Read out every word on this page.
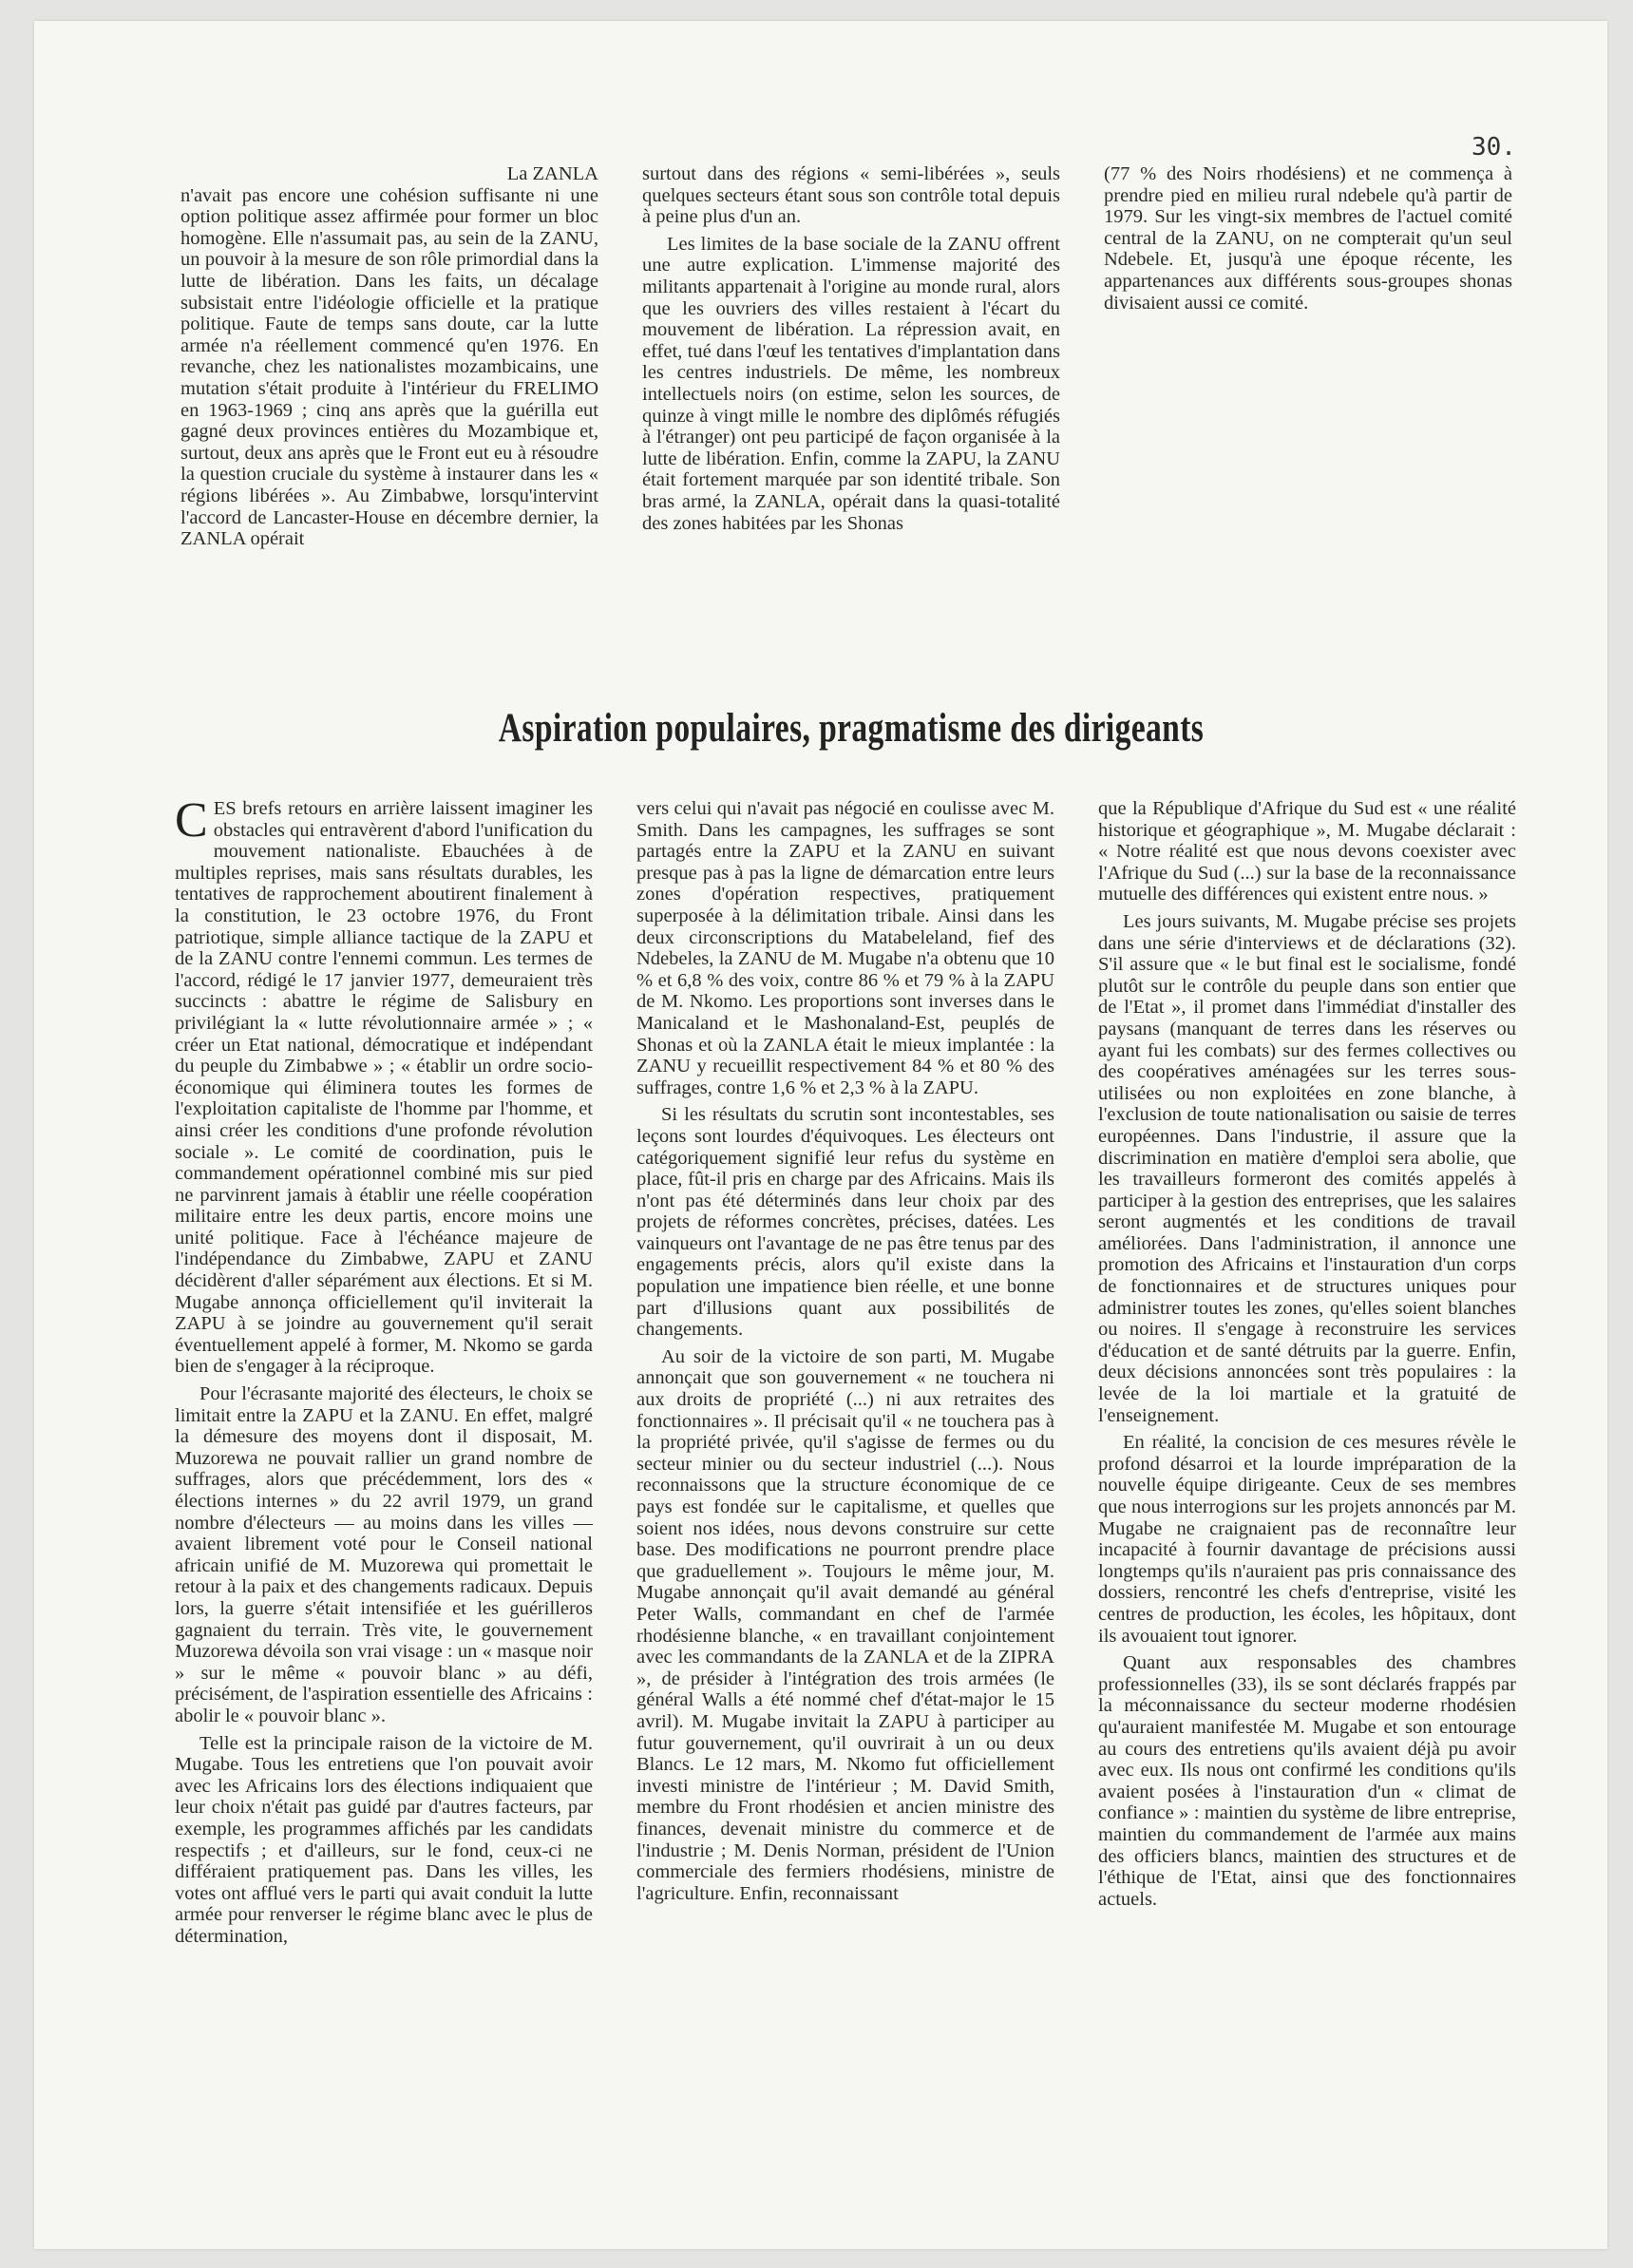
30.
La ZANLA

n'avait pas encore une cohésion suffisante ni une option politique assez affirmée pour former un bloc homogène. Elle n'assumait pas, au sein de la ZANU, un pouvoir à la mesure de son rôle primordial dans la lutte de libération. Dans les faits, un décalage subsistait entre l'idéologie officielle et la pratique politique. Faute de temps sans doute, car la lutte armée n'a réellement commencé qu'en 1976. En revanche, chez les nationalistes mozambicains, une mutation s'était produite à l'intérieur du FRELIMO en 1963-1969 ; cinq ans après que la guérilla eut gagné deux provinces entières du Mozambique et, surtout, deux ans après que le Front eut eu à résoudre la question cruciale du système à instaurer dans les « régions libérées ». Au Zimbabwe, lorsqu'intervint l'accord de Lancaster-House en décembre dernier, la ZANLA opérait

surtout dans des régions « semi-libérées », seuls quelques secteurs étant sous son contrôle total depuis à peine plus d'un an.

Les limites de la base sociale de la ZANU offrent une autre explication. L'immense majorité des militants appartenait à l'origine au monde rural, alors que les ouvriers des villes restaient à l'écart du mouvement de libération. La répression avait, en effet, tué dans l'œuf les tentatives d'implantation dans les centres industriels. De même, les nombreux intellectuels noirs (on estime, selon les sources, de quinze à vingt mille le nombre des diplômés réfugiés à l'étranger) ont peu participé de façon organisée à la lutte de libération. Enfin, comme la ZAPU, la ZANU était fortement marquée par son identité tribale. Son bras armé, la ZANLA, opérait dans la quasi-totalité des zones habitées par les Shonas

(77 % des Noirs rhodésiens) et ne commença à prendre pied en milieu rural ndebele qu'à partir de 1979. Sur les vingt-six membres de l'actuel comité central de la ZANU, on ne compterait qu'un seul Ndebele. Et, jusqu'à une époque récente, les appartenances aux différents sous-groupes shonas divisaient aussi ce comité.

Aspiration populaires, pragmatisme des dirigeants

CES brefs retours en arrière laissent imaginer les obstacles qui entravèrent d'abord l'unification du mouvement nationaliste. Ebauchées à de multiples reprises, mais sans résultats durables, les tentatives de rapprochement aboutirent finalement à la constitution, le 23 octobre 1976, du Front patriotique, simple alliance tactique de la ZAPU et de la ZANU contre l'ennemi commun. Les termes de l'accord, rédigé le 17 janvier 1977, demeuraient très succincts : abattre le régime de Salisbury en privilégiant la « lutte révolutionnaire armée » ; « créer un Etat national, démocratique et indépendant du peuple du Zimbabwe » ; « établir un ordre socio-économique qui éliminera toutes les formes de l'exploitation capitaliste de l'homme par l'homme, et ainsi créer les conditions d'une profonde révolution sociale ». Le comité de coordination, puis le commandement opérationnel combiné mis sur pied ne parvinrent jamais à établir une réelle coopération militaire entre les deux partis, encore moins une unité politique. Face à l'échéance majeure de l'indépendance du Zimbabwe, ZAPU et ZANU décidèrent d'aller séparément aux élections. Et si M. Mugabe annonça officiellement qu'il inviterait la ZAPU à se joindre au gouvernement qu'il serait éventuellement appelé à former, M. Nkomo se garda bien de s'engager à la réciproque.

Pour l'écrasante majorité des électeurs, le choix se limitait entre la ZAPU et la ZANU. En effet, malgré la démesure des moyens dont il disposait, M. Muzorewa ne pouvait rallier un grand nombre de suffrages, alors que précédemment, lors des « élections internes » du 22 avril 1979, un grand nombre d'électeurs — au moins dans les villes — avaient librement voté pour le Conseil national africain unifié de M. Muzorewa qui promettait le retour à la paix et des changements radicaux. Depuis lors, la guerre s'était intensifiée et les guérilleros gagnaient du terrain. Très vite, le gouvernement Muzorewa dévoila son vrai visage : un « masque noir » sur le même « pouvoir blanc » au défi, précisément, de l'aspiration essentielle des Africains : abolir le « pouvoir blanc ».

Telle est la principale raison de la victoire de M. Mugabe. Tous les entretiens que l'on pouvait avoir avec les Africains lors des élections indiquaient que leur choix n'était pas guidé par d'autres facteurs, par exemple, les programmes affichés par les candidats respectifs ; et d'ailleurs, sur le fond, ceux-ci ne différaient pratiquement pas. Dans les villes, les votes ont afflué vers le parti qui avait conduit la lutte armée pour renverser le régime blanc avec le plus de détermination,

vers celui qui n'avait pas négocié en coulisse avec M. Smith. Dans les campagnes, les suffrages se sont partagés entre la ZAPU et la ZANU en suivant presque pas à pas la ligne de démarcation entre leurs zones d'opération respectives, pratiquement superposée à la délimitation tribale. Ainsi dans les deux circonscriptions du Matabeleland, fief des Ndebeles, la ZANU de M. Mugabe n'a obtenu que 10 % et 6,8 % des voix, contre 86 % et 79 % à la ZAPU de M. Nkomo. Les proportions sont inverses dans le Manicaland et le Mashonaland-Est, peuplés de Shonas et où la ZANLA était le mieux implantée : la ZANU y recueillit respectivement 84 % et 80 % des suffrages, contre 1,6 % et 2,3 % à la ZAPU.

Si les résultats du scrutin sont incontestables, ses leçons sont lourdes d'équivoques. Les électeurs ont catégoriquement signifié leur refus du système en place, fût-il pris en charge par des Africains. Mais ils n'ont pas été déterminés dans leur choix par des projets de réformes concrètes, précises, datées. Les vainqueurs ont l'avantage de ne pas être tenus par des engagements précis, alors qu'il existe dans la population une impatience bien réelle, et une bonne part d'illusions quant aux possibilités de changements.

Au soir de la victoire de son parti, M. Mugabe annonçait que son gouvernement « ne touchera ni aux droits de propriété (...) ni aux retraites des fonctionnaires ». Il précisait qu'il « ne touchera pas à la propriété privée, qu'il s'agisse de fermes ou du secteur minier ou du secteur industriel (...). Nous reconnaissons que la structure économique de ce pays est fondée sur le capitalisme, et quelles que soient nos idées, nous devons construire sur cette base. Des modifications ne pourront prendre place que graduellement ». Toujours le même jour, M. Mugabe annonçait qu'il avait demandé au général Peter Walls, commandant en chef de l'armée rhodésienne blanche, « en travaillant conjointement avec les commandants de la ZANLA et de la ZIPRA », de présider à l'intégration des trois armées (le général Walls a été nommé chef d'état-major le 15 avril). M. Mugabe invitait la ZAPU à participer au futur gouvernement, qu'il ouvrirait à un ou deux Blancs. Le 12 mars, M. Nkomo fut officiellement investi ministre de l'intérieur ; M. David Smith, membre du Front rhodésien et ancien ministre des finances, devenait ministre du commerce et de l'industrie ; M. Denis Norman, président de l'Union commerciale des fermiers rhodésiens, ministre de l'agriculture. Enfin, reconnaissant

que la République d'Afrique du Sud est « une réalité historique et géographique », M. Mugabe déclarait : « Notre réalité est que nous devons coexister avec l'Afrique du Sud (...) sur la base de la reconnaissance mutuelle des différences qui existent entre nous. »

Les jours suivants, M. Mugabe précise ses projets dans une série d'interviews et de déclarations (32). S'il assure que « le but final est le socialisme, fondé plutôt sur le contrôle du peuple dans son entier que de l'Etat », il promet dans l'immédiat d'installer des paysans (manquant de terres dans les réserves ou ayant fui les combats) sur des fermes collectives ou des coopératives aménagées sur les terres sous-utilisées ou non exploitées en zone blanche, à l'exclusion de toute nationalisation ou saisie de terres européennes. Dans l'industrie, il assure que la discrimination en matière d'emploi sera abolie, que les travailleurs formeront des comités appelés à participer à la gestion des entreprises, que les salaires seront augmentés et les conditions de travail améliorées. Dans l'administration, il annonce une promotion des Africains et l'instauration d'un corps de fonctionnaires et de structures uniques pour administrer toutes les zones, qu'elles soient blanches ou noires. Il s'engage à reconstruire les services d'éducation et de santé détruits par la guerre. Enfin, deux décisions annoncées sont très populaires : la levée de la loi martiale et la gratuité de l'enseignement.

En réalité, la concision de ces mesures révèle le profond désarroi et la lourde impréparation de la nouvelle équipe dirigeante. Ceux de ses membres que nous interrogions sur les projets annoncés par M. Mugabe ne craignaient pas de reconnaître leur incapacité à fournir davantage de précisions aussi longtemps qu'ils n'auraient pas pris connaissance des dossiers, rencontré les chefs d'entreprise, visité les centres de production, les écoles, les hôpitaux, dont ils avouaient tout ignorer.

Quant aux responsables des chambres professionnelles (33), ils se sont déclarés frappés par la méconnaissance du secteur moderne rhodésien qu'auraient manifestée M. Mugabe et son entourage au cours des entretiens qu'ils avaient déjà pu avoir avec eux. Ils nous ont confirmé les conditions qu'ils avaient posées à l'instauration d'un « climat de confiance » : maintien du système de libre entreprise, maintien du commandement de l'armée aux mains des officiers blancs, maintien des structures et de l'éthique de l'Etat, ainsi que des fonctionnaires actuels.
